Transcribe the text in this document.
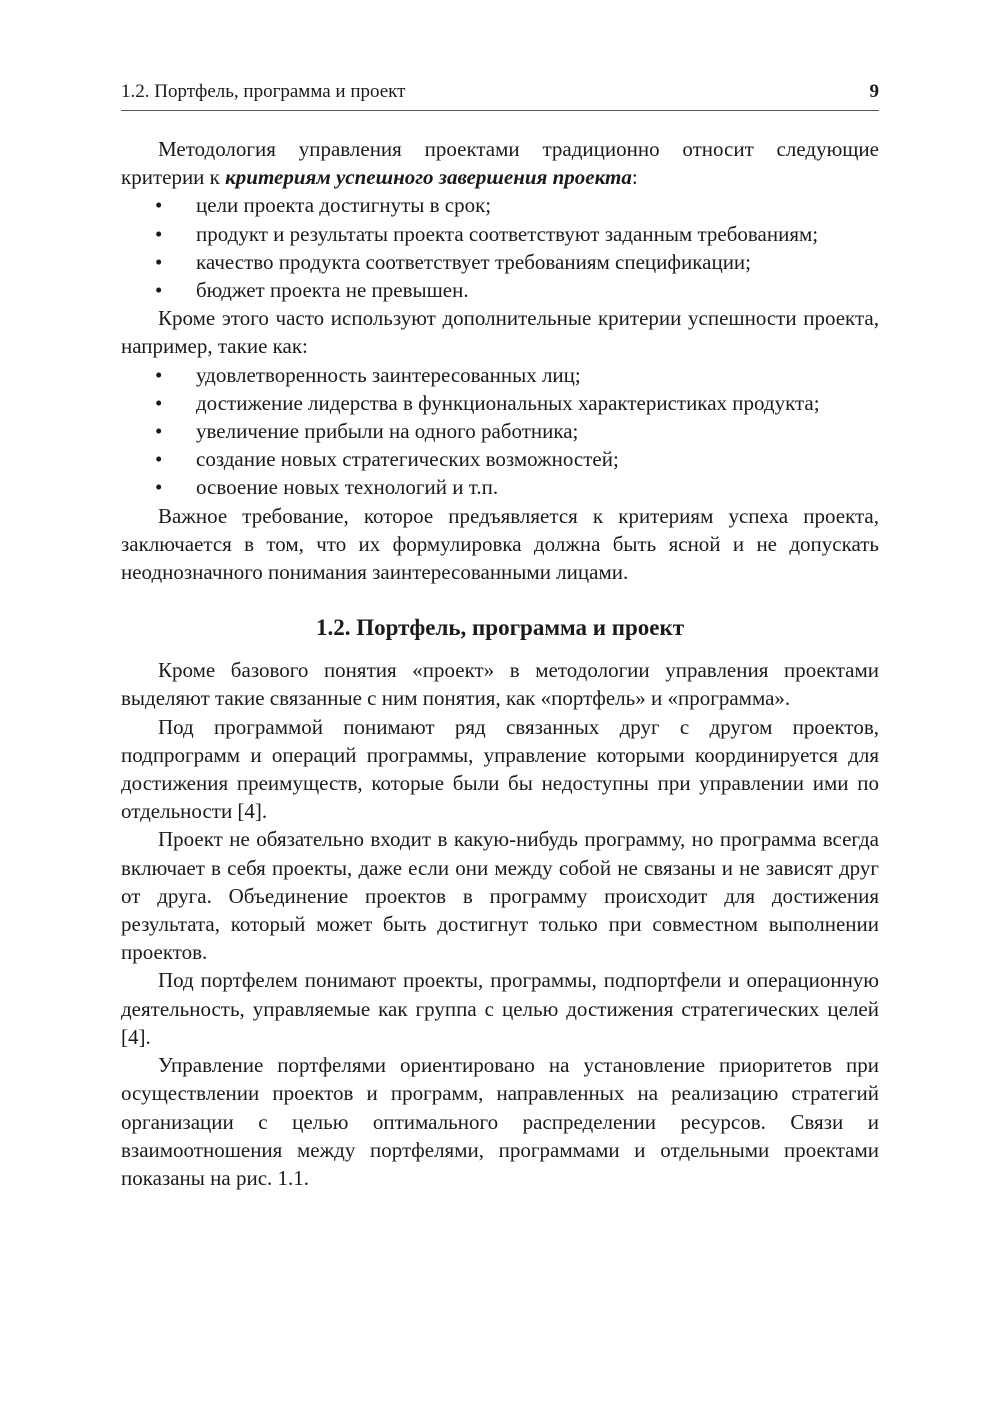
1.2. Портфель, программа и проект	9

Методология управления проектами традиционно относит следующие критерии к критериям успешного завершения проекта:

• цели проекта достигнуты в срок;
• продукт и результаты проекта соответствуют заданным требованиям;
• качество продукта соответствует требованиям спецификации;
• бюджет проекта не превышен.

Кроме этого часто используют дополнительные критерии успешности проекта, например, такие как:

• удовлетворенность заинтересованных лиц;
• достижение лидерства в функциональных характеристиках продукта;
• увеличение прибыли на одного работника;
• создание новых стратегических возможностей;
• освоение новых технологий и т.п.

Важное требование, которое предъявляется к критериям успеха проекта, заключается в том, что их формулировка должна быть ясной и не допускать неоднозначного понимания заинтересованными лицами.

1.2. Портфель, программа и проект

Кроме базового понятия «проект» в методологии управления проектами выделяют такие связанные с ним понятия, как «портфель» и «программа».

Под программой понимают ряд связанных друг с другом проектов, подпрограмм и операций программы, управление которыми координируется для достижения преимуществ, которые были бы недоступны при управлении ими по отдельности [4].

Проект не обязательно входит в какую-нибудь программу, но программа всегда включает в себя проекты, даже если они между собой не связаны и не зависят друг от друга. Объединение проектов в программу происходит для достижения результата, который может быть достигнут только при совместном выполнении проектов.

Под портфелем понимают проекты, программы, подпортфели и операционную деятельность, управляемые как группа с целью достижения стратегических целей [4].

Управление портфелями ориентировано на установление приоритетов при осуществлении проектов и программ, направленных на реализацию стратегий организации с целью оптимального распределении ресурсов. Связи и взаимоотношения между портфелями, программами и отдельными проектами показаны на рис. 1.1.
